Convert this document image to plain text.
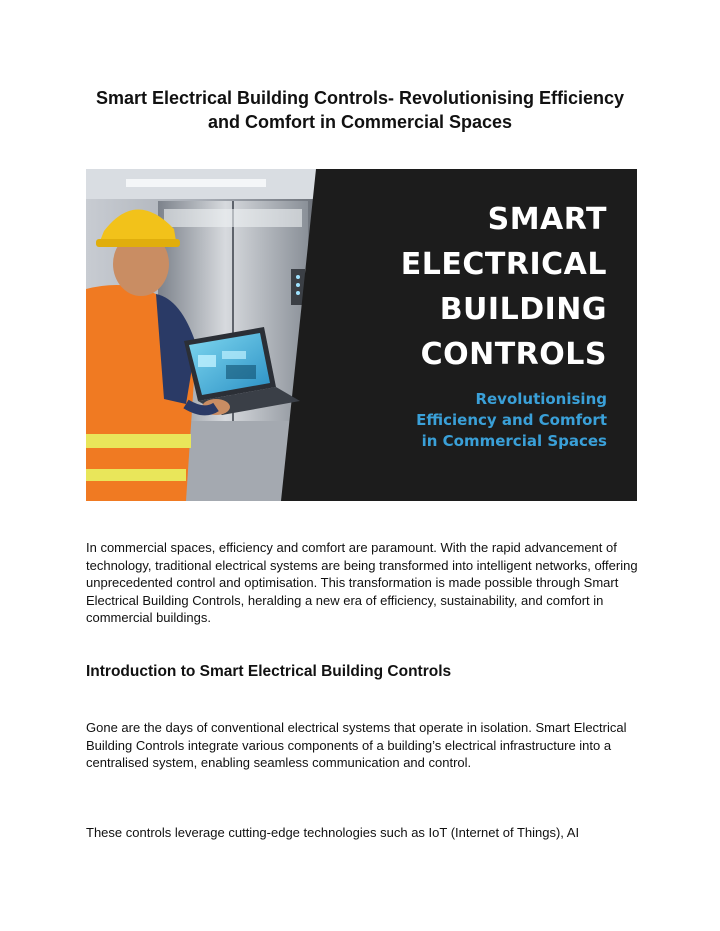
Smart Electrical Building Controls- Revolutionising Efficiency
and Comfort in Commercial Spaces
SMART
ELECTRICAL
BUILDING
CONTROLS
Revolutionising
Efficiency and Comfort
in Commercial Spaces

In commercial spaces, efficiency and comfort are paramount. With the rapid advancement of technology, traditional electrical systems are being transformed into intelligent networks, offering unprecedented control and optimisation. This transformation is made possible through Smart Electrical Building Controls, heralding a new era of efficiency, sustainability, and comfort in commercial buildings.

Introduction to Smart Electrical Building Controls

Gone are the days of conventional electrical systems that operate in isolation. Smart Electrical Building Controls integrate various components of a building’s electrical infrastructure into a centralised system, enabling seamless communication and control.

These controls leverage cutting-edge technologies such as IoT (Internet of Things), AI
